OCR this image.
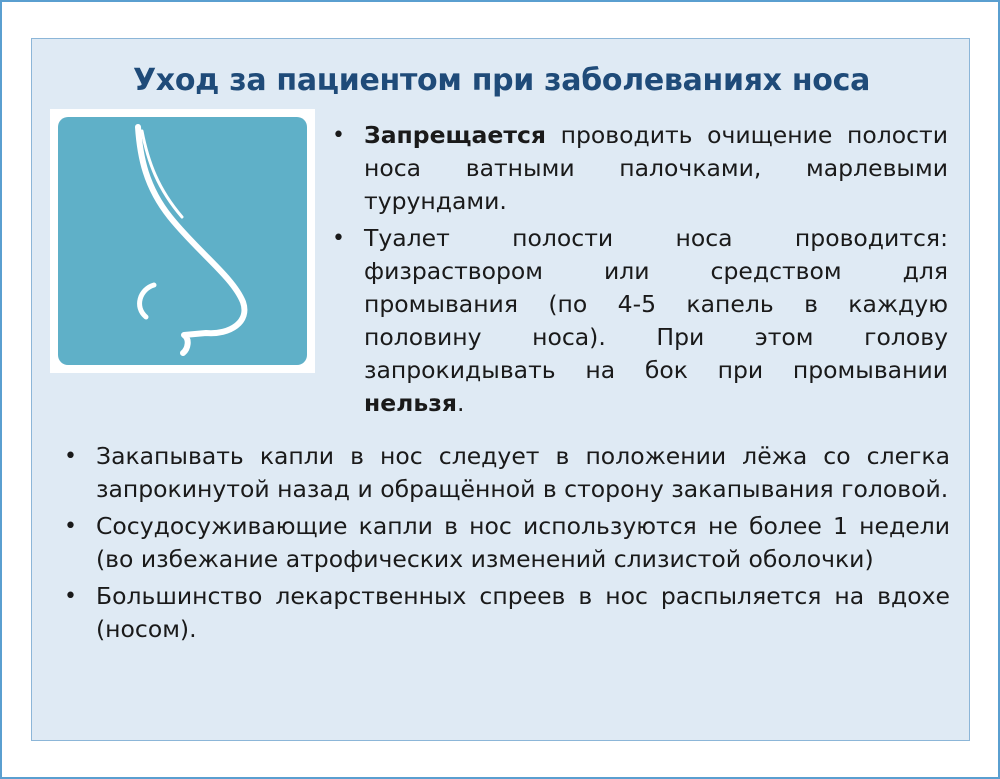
Уход за пациентом при заболеваниях носа
• Запрещается проводить очищение полости носа ватными палочками, марлевыми турундами.
• Туалет полости носа проводится: физраствором или средством для промывания (по 4-5 капель в каждую половину носа). При этом голову запрокидывать на бок при промывании нельзя.
• Закапывать капли в нос следует в положении лёжа со слегка запрокинутой назад и обращённой в сторону закапывания головой.
• Сосудосуживающие капли в нос используются не более 1 недели (во избежание атрофических изменений слизистой оболочки)
• Большинство лекарственных спреев в нос распыляется на вдохе (носом).
